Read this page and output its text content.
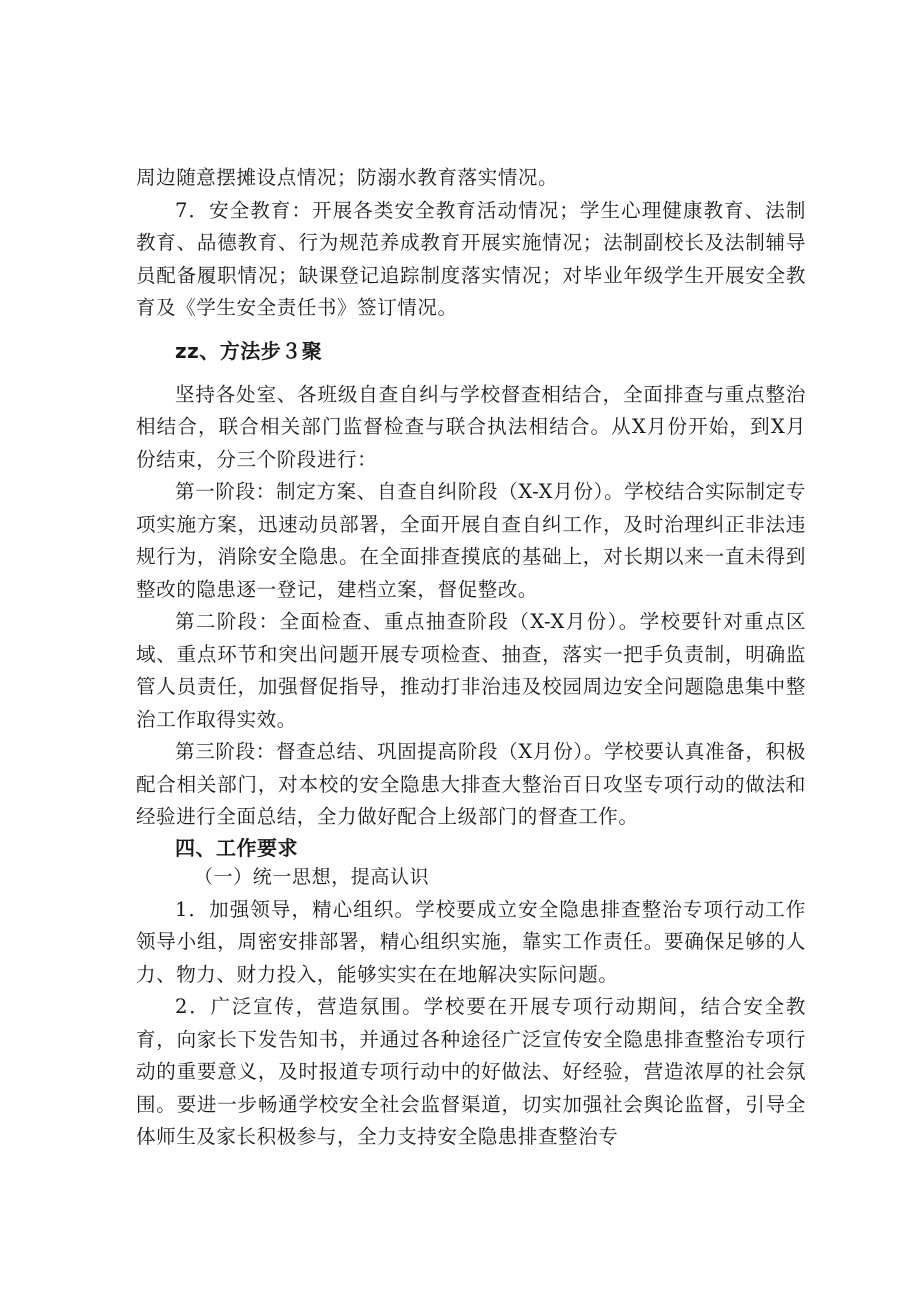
周边随意摆摊设点情况；防溺水教育落实情况。

7．安全教育：开展各类安全教育活动情况；学生心理健康教育、法制教育、品德教育、行为规范养成教育开展实施情况；法制副校长及法制辅导员配备履职情况；缺课登记追踪制度落实情况；对毕业年级学生开展安全教育及《学生安全责任书》签订情况。

zz、方法步３聚

坚持各处室、各班级自查自纠与学校督查相结合，全面排查与重点整治相结合，联合相关部门监督检查与联合执法相结合。从X月份开始，到X月份结束，分三个阶段进行：

第一阶段：制定方案、自查自纠阶段（X-X月份）。学校结合实际制定专项实施方案，迅速动员部署，全面开展自查自纠工作，及时治理纠正非法违规行为，消除安全隐患。在全面排查摸底的基础上，对长期以来一直未得到整改的隐患逐一登记，建档立案，督促整改。

第二阶段：全面检查、重点抽查阶段（X-X月份）。学校要针对重点区域、重点环节和突出问题开展专项检查、抽查，落实一把手负责制，明确监管人员责任，加强督促指导，推动打非治违及校园周边安全问题隐患集中整治工作取得实效。

第三阶段：督查总结、巩固提高阶段（X月份）。学校要认真准备，积极配合相关部门，对本校的安全隐患大排查大整治百日攻坚专项行动的做法和经验进行全面总结，全力做好配合上级部门的督查工作。

四、工作要求

（一）统一思想，提高认识

1．加强领导，精心组织。学校要成立安全隐患排查整治专项行动工作领导小组，周密安排部署，精心组织实施，靠实工作责任。要确保足够的人力、物力、财力投入，能够实实在在地解决实际问题。

2．广泛宣传，营造氛围。学校要在开展专项行动期间，结合安全教育，向家长下发告知书，并通过各种途径广泛宣传安全隐患排查整治专项行动的重要意义，及时报道专项行动中的好做法、好经验，营造浓厚的社会氛围。要进一步畅通学校安全社会监督渠道，切实加强社会舆论监督，引导全体师生及家长积极参与，全力支持安全隐患排查整治专
